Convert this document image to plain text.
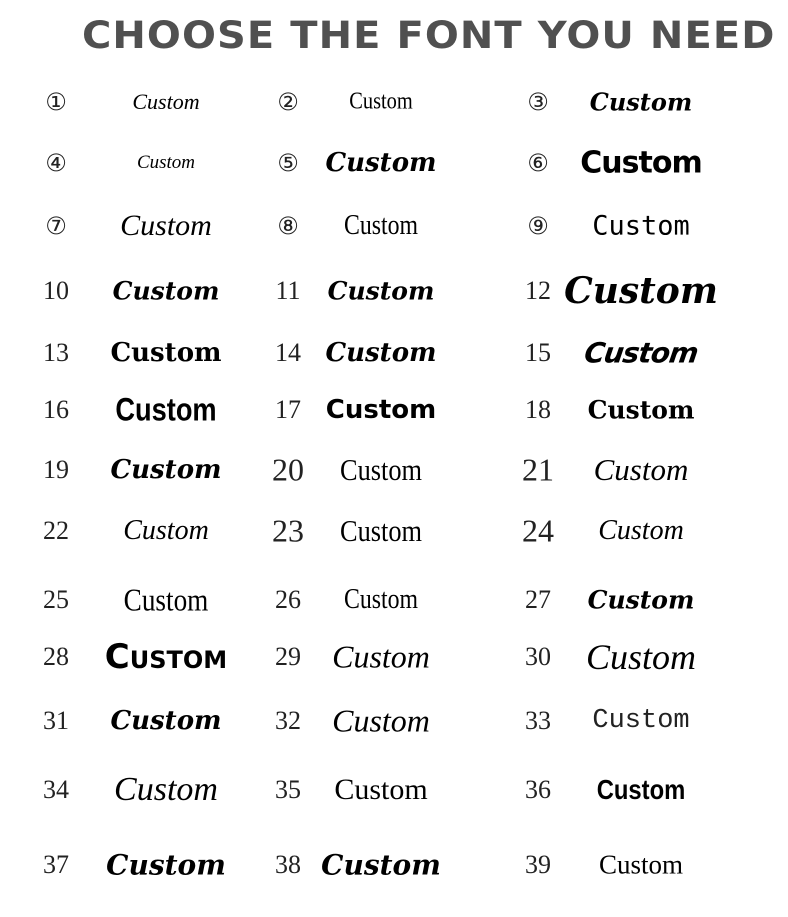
CHOOSE THE FONT YOU NEED
①	Custom	② Custom	③ Custom
④	Custom	⑤ Custom	⑥ Custom
⑦ Custom	⑧ Custom	⑨ Custom
10 Custom 11 Custom	12 Custom
13 Custom 14 Custom	15 Custom
16 Custom 17 Custom	18 Custom
19 Custom 20 Custom	21 Custom
22 Custom 23 Custom	24 Custom
25 Custom	26 Custom	27 Custom
28 Custom 29 Custom	30 Custom
31 Custom 32 Custom	33 Custom
34 Custom 35 Custom	36 Custom
37 Custom 38 Custom	39 Custom
